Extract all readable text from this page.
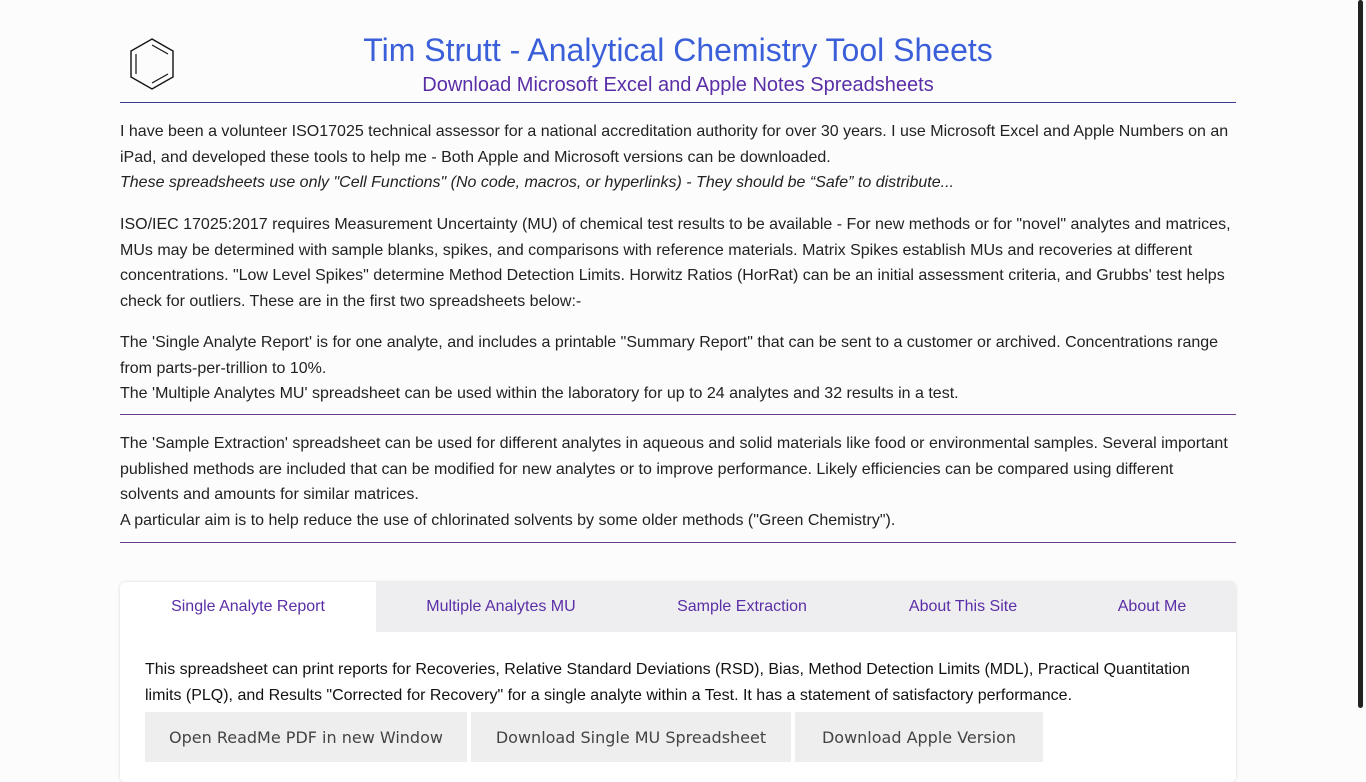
Tim Strutt - Analytical Chemistry Tool Sheets
Download Microsoft Excel and Apple Notes Spreadsheets

I have been a volunteer ISO17025 technical assessor for a national accreditation authority for over 30 years. I use Microsoft Excel and Apple Numbers on an iPad, and developed these tools to help me - Both Apple and Microsoft versions can be downloaded.

These spreadsheets use only "Cell Functions" (No code, macros, or hyperlinks) - They should be “Safe” to distribute...

ISO/IEC 17025:2017 requires Measurement Uncertainty (MU) of chemical test results to be available - For new methods or for "novel" analytes and matrices, MUs may be determined with sample blanks, spikes, and comparisons with reference materials. Matrix Spikes establish MUs and recoveries at different concentrations. "Low Level Spikes" determine Method Detection Limits. Horwitz Ratios (HorRat) can be an initial assessment criteria, and Grubbs' test helps check for outliers. These are in the first two spreadsheets below:-

The 'Single Analyte Report' is for one analyte, and includes a printable "Summary Report" that can be sent to a customer or archived. Concentrations range from parts-per-trillion to 10%.

The 'Multiple Analytes MU' spreadsheet can be used within the laboratory for up to 24 analytes and 32 results in a test.

The 'Sample Extraction' spreadsheet can be used for different analytes in aqueous and solid materials like food or environmental samples. Several important published methods are included that can be modified for new analytes or to improve performance. Likely efficiencies can be compared using different solvents and amounts for similar matrices.

A particular aim is to help reduce the use of chlorinated solvents by some older methods ("Green Chemistry").

Single Analyte Report	Multiple Analytes MU	Sample Extraction	About This Site	About Me

This spreadsheet can print reports for Recoveries, Relative Standard Deviations (RSD), Bias, Method Detection Limits (MDL), Practical Quantitation limits (PLQ), and Results "Corrected for Recovery" for a single analyte within a Test. It has a statement of satisfactory performance.

Open ReadMe PDF in new Window	Download Single MU Spreadsheet	Download Apple Version
